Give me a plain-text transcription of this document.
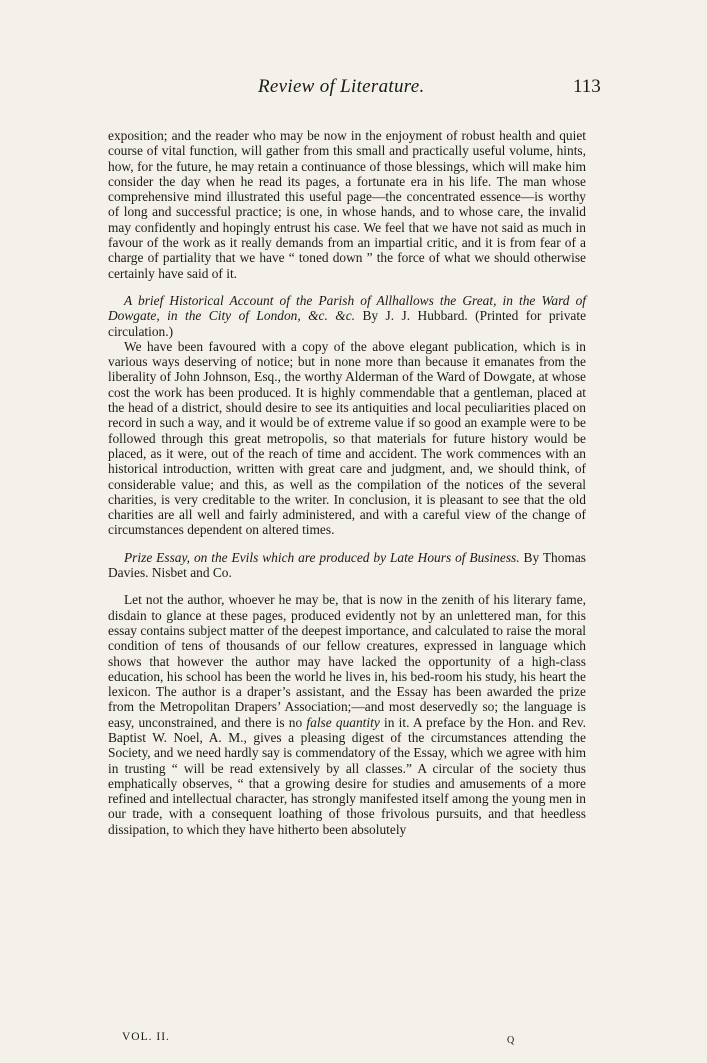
Review of Literature.	113

exposition; and the reader who may be now in the enjoyment of robust health and quiet course of vital function, will gather from this small and practically useful volume, hints, how, for the future, he may retain a continuance of those blessings, which will make him consider the day when he read its pages, a fortunate era in his life. The man whose comprehensive mind illustrated this useful page—the concentrated essence—is worthy of long and successful practice; is one, in whose hands, and to whose care, the invalid may confidently and hopingly entrust his case. We feel that we have not said as much in favour of the work as it really demands from an impartial critic, and it is from fear of a charge of partiality that we have “ toned down ” the force of what we should otherwise certainly have said of it.

A brief Historical Account of the Parish of Allhallows the Great, in the Ward of Dowgate, in the City of London, &c. &c. By J. J. Hubbard. (Printed for private circulation.)

We have been favoured with a copy of the above elegant publication, which is in various ways deserving of notice; but in none more than because it emanates from the liberality of John Johnson, Esq., the worthy Alderman of the Ward of Dowgate, at whose cost the work has been produced. It is highly commendable that a gentleman, placed at the head of a district, should desire to see its antiquities and local peculiarities placed on record in such a way, and it would be of extreme value if so good an example were to be followed through this great metropolis, so that materials for future history would be placed, as it were, out of the reach of time and accident. The work commences with an historical introduction, written with great care and judgment, and, we should think, of considerable value; and this, as well as the compilation of the notices of the several charities, is very creditable to the writer. In conclusion, it is pleasant to see that the old charities are all well and fairly administered, and with a careful view of the change of circumstances dependent on altered times.

Prize Essay, on the Evils which are produced by Late Hours of Business. By Thomas Davies. Nisbet and Co.

Let not the author, whoever he may be, that is now in the zenith of his literary fame, disdain to glance at these pages, produced evidently not by an unlettered man, for this essay contains subject matter of the deepest importance, and calculated to raise the moral condition of tens of thousands of our fellow creatures, expressed in language which shows that however the author may have lacked the opportunity of a high-class education, his school has been the world he lives in, his bed-room his study, his heart the lexicon. The author is a draper’s assistant, and the Essay has been awarded the prize from the Metropolitan Drapers’ Association;—and most deservedly so; the language is easy, unconstrained, and there is no false quantity in it. A preface by the Hon. and Rev. Baptist W. Noel, A. M., gives a pleasing digest of the circumstances attending the Society, and we need hardly say is commendatory of the Essay, which we agree with him in trusting “ will be read extensively by all classes.” A circular of the society thus emphatically observes, “ that a growing desire for studies and amusements of a more refined and intellectual character, has strongly manifested itself among the young men in our trade, with a consequent loathing of those frivolous pursuits, and that heedless dissipation, to which they have hitherto been absolutely

VOL. II.	Q
